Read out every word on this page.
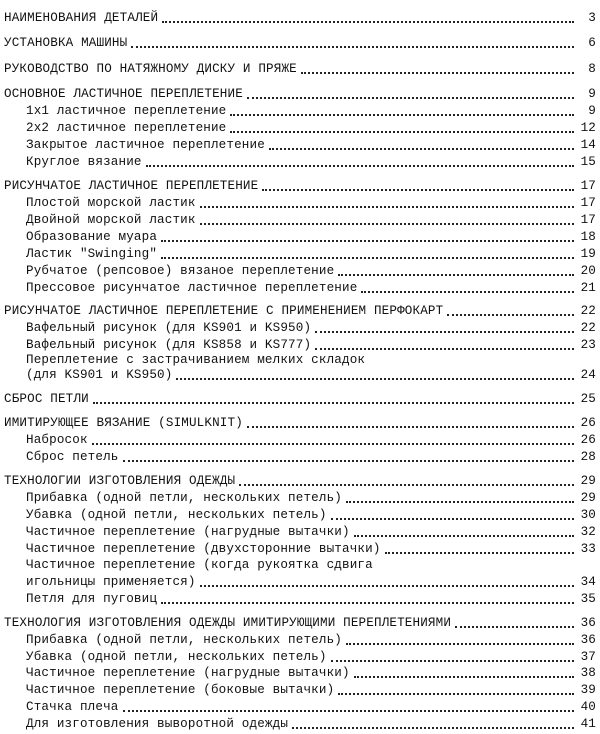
НАИМЕНОВАНИЯ ДЕТАЛЕЙ	3
УСТАНОВКА МАШИНЫ	6
РУКОВОДСТВО ПО НАТЯЖНОМУ ДИСКУ И ПРЯЖЕ	8
ОСНОВНОЕ ЛАСТИЧНОЕ ПЕРЕПЛЕТЕНИЕ	9
1x1 ластичное переплетение	9
2x2 ластичное переплетение	12
Закрытое ластичное переплетение	14
Круглое вязание	15
РИСУНЧАТОЕ ЛАСТИЧНОЕ ПЕРЕПЛЕТЕНИЕ	17
Плостой морской ластик	17
Двойной морской ластик	17
Образование муара	18
Ластик "Swinging"	19
Рубчатое (репсовое) вязаное переплетение	20
Прессовое рисунчатое ластичное переплетение	21
РИСУНЧАТОЕ ЛАСТИЧНОЕ ПЕРЕПЛЕТЕНИЕ С ПРИМЕНЕНИЕМ ПЕРФОКАРТ	22
Вафельный рисунок (для KS901 и KS950)	22
Вафельный рисунок (для KS858 и KS777)	23
Переплетение с застрачиванием мелких складок
(для KS901 и KS950)	24
СБРОС ПЕТЛИ	25
ИМИТИРУЮЩЕЕ ВЯЗАНИЕ (SIMULKNIT)	26
Набросок	26
Сброс петель	28
ТЕХНОЛОГИИ ИЗГОТОВЛЕНИЯ ОДЕЖДЫ	29
Прибавка (одной петли, нескольких петель)	29
Убавка (одной петли, нескольких петель)	30
Частичное переплетение (нагрудные вытачки)	32
Частичное переплетение (двухсторонние вытачки)	33
Частичное переплетение (когда рукоятка сдвига
игольницы применяется)	34
Петля для пуговиц	35
ТЕХНОЛОГИЯ ИЗГОТОВЛЕНИЯ ОДЕЖДЫ ИМИТИРУЮЩИМИ ПЕРЕПЛЕТЕНИЯМИ	36
Прибавка (одной петли, нескольких петель)	36
Убавка (одной петли, нескольких петель)	37
Частичное переплетение (нагрудные вытачки)	38
Частичное переплетение (боковые вытачки)	39
Стачка плеча	40
Для изготовления выворотной одежды	41
